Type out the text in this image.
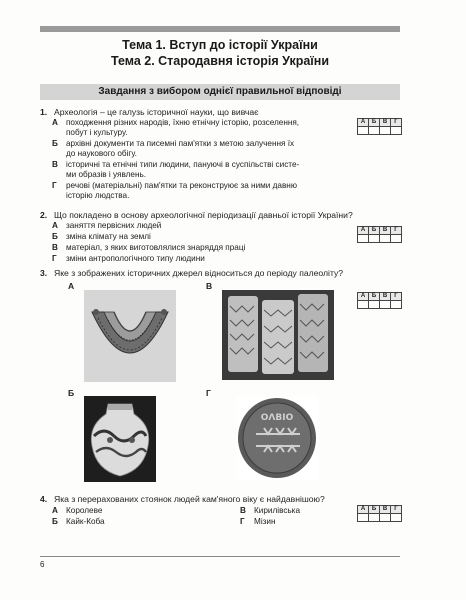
Тема 1. Вступ до історії України
Тема 2. Стародавня історія України
Завдання з вибором однієї правильної відповіді
1. Археологія – це галузь історичної науки, що вивчає
А походження різних народів, їхню етнічну історію, розселення,
побут і культуру.
Б архівні документи та писемні пам'ятки з метою залучення їх
до наукового обігу.
В історичні та етнічні типи людини, пануючі в суспільстві систе-
ми образів і уявлень.
Г речові (матеріальні) пам'ятки та реконструює за ними давню
історію людства.
А	Б	В	Г
2. Що покладено в основу археологічної періодизації давньої історії України?
А заняття первісних людей
Б зміна клімату на землі
В матеріал, з яких виготовлялися знаряддя праці
Г зміни антропологічного типу людини
А	Б	В	Г
3. Яке з зображених історичних джерел відноситься до періоду палеоліту?
А	Б	В	Г
А	В
Б	Г
ΟΛΒΙΟ
4. Яка з перерахованих стоянок людей кам'яного віку є найдавнішою?
А Королеве
Б Кайк-Коба
В Кирилівська
Г Мізин
А	Б	В	Г
6
